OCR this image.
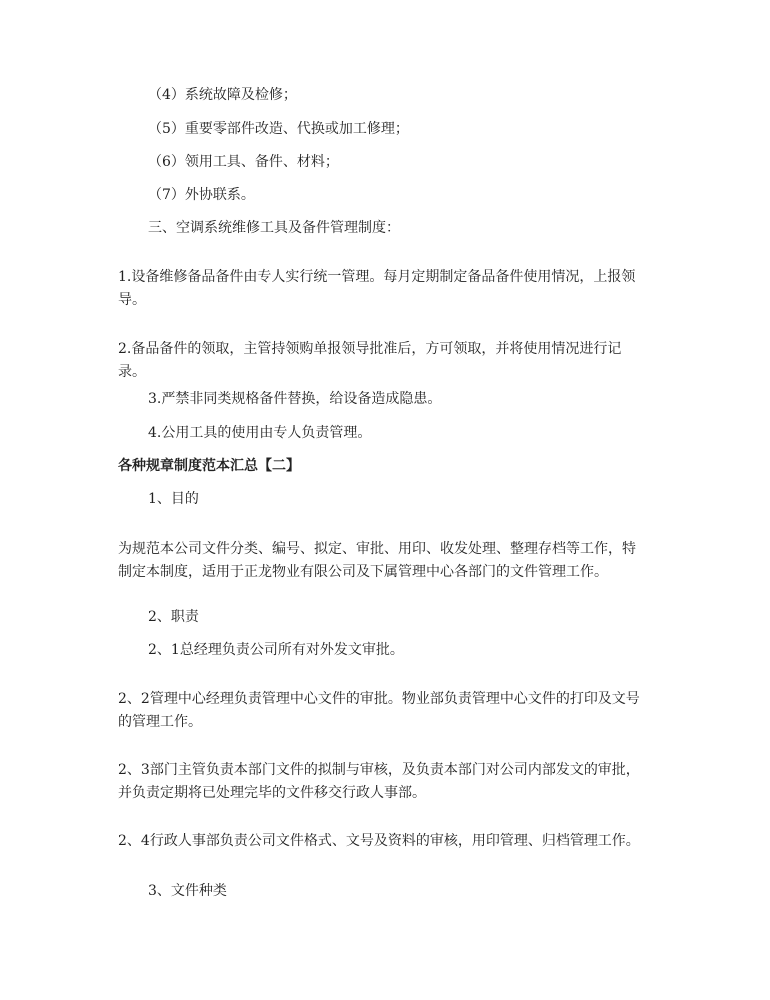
（4）系统故障及检修；

（5）重要零部件改造、代换或加工修理；

（6）领用工具、备件、材料；

（7）外协联系。

三、空调系统维修工具及备件管理制度：

1.设备维修备品备件由专人实行统一管理。每月定期制定备品备件使用情况，上报领导。

2.备品备件的领取，主管持领购单报领导批准后，方可领取，并将使用情况进行记录。

3.严禁非同类规格备件替换，给设备造成隐患。

4.公用工具的使用由专人负责管理。

各种规章制度范本汇总【二】

1、目的

为规范本公司文件分类、编号、拟定、审批、用印、收发处理、整理存档等工作，特制定本制度，适用于正龙物业有限公司及下属管理中心各部门的文件管理工作。

2、职责

2、1总经理负责公司所有对外发文审批。

2、2管理中心经理负责管理中心文件的审批。物业部负责管理中心文件的打印及文号的管理工作。

2、3部门主管负责本部门文件的拟制与审核，及负责本部门对公司内部发文的审批，并负责定期将已处理完毕的文件移交行政人事部。

2、4行政人事部负责公司文件格式、文号及资料的审核，用印管理、归档管理工作。

3、文件种类
